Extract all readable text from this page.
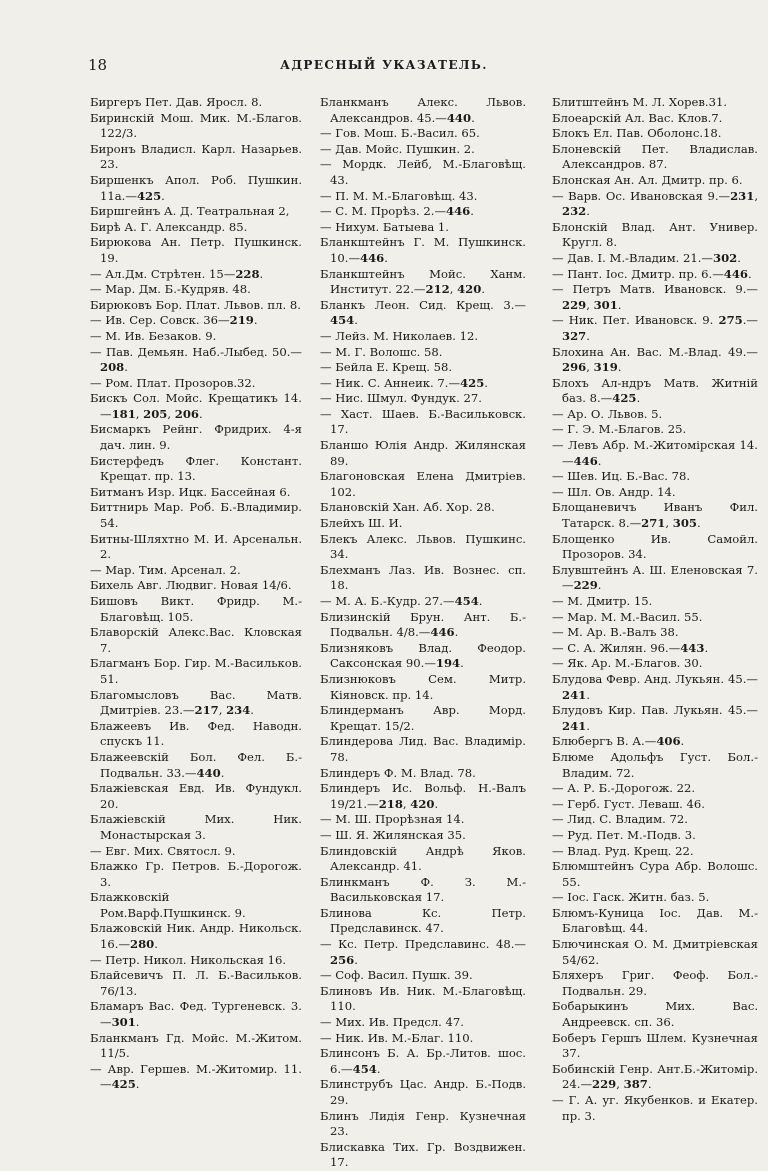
18	АДРЕСНЫЙ УКАЗАТЕЛЬ.

Биргеръ Пет. Дав. Яросл. 8.

Биринскій Мош. Мик. М.-Благов. 122/3.

Биронъ Владисл. Карл. Назарьев. 23.

Биршенкъ Апол. Роб. Пушкин. 11а.—425.

Биршгейнъ А. Д. Театральная 2,

Бирѣ А. Г. Александр. 85.

Бирюкова Ан. Петр. Пушкинск. 19.

— Ал.Дм. Стрѣтен. 15—228.

— Мар. Дм. Б.-Кудряв. 48.

Бирюковъ Бор. Плат. Львов. пл. 8.

— Ив. Сер. Совск. 36—219.

— М. Ив. Безаков. 9.

— Пав. Демьян. Наб.-Лыбед. 50.—208.

— Ром. Плат. Прозоров.32.

Бискъ Сол. Мойс. Крещатикъ 14.—181, 205, 206.

Бисмаркъ Рейнг. Фридрих. 4-я дач. лин. 9.

Бистерфедъ Флег. Констант. Крещат. пр. 13.

Битманъ Изр. Ицк. Бассейная 6.

Биттнирь Мар. Роб. Б.-Владимир. 54.

Битны-Шляхтно М. И. Арсенальн. 2.

— Мар. Тим. Арсенал. 2.

Бихель Авг. Людвиг. Новая 14/6.

Бишовъ Викт. Фридр. М.-Благовѣщ. 105.

Блаворскій Алекс.Вас. Кловская 7.

Благманъ Бор. Гир. М.-Васильков. 51.

Благомысловъ Вас. Матв. Дмитріев. 23.—217, 234.

Блажеевъ Ив. Фед. Наводн. спускъ 11.

Блажеевскій Бол. Фел. Б.-Подвальн. 33.—440.

Блажіевская Евд. Ив. Фундукл. 20.

Блажіевскій Мих. Ник. Монастырская 3.

— Евг. Мих. Святосл. 9.

Блажко Гр. Петров. Б.-Дорогож. 3.

Блажковскій Ром.Варф.Пушкинск. 9.

Блажовскій Ник. Андр. Никольск. 16.—280.

— Петр. Никол. Никольская 16.

Блайсевичъ П. Л. Б.-Васильков. 76/13.

Бламаръ Вас. Фед. Тургеневск. 3.—301.

Бланкманъ Гд. Мойс. М.-Житом. 11/5.

— Авр. Гершев. М.-Житомир. 11.—425.

Бланкманъ Алекс. Львов. Александров. 45.—440.

— Гов. Мош. Б.-Васил. 65.

— Дав. Мойс. Пушкин. 2.

— Мордк. Лейб, М.-Благовѣщ. 43.

— П. М. М.-Благовѣщ. 43.

— С. М. Прорѣз. 2.—446.

— Нихум. Батыева 1.

Бланкштейнъ Г. М. Пушкинск. 10.—446.

Бланкштейнъ Мойс. Ханм. Институт. 22.—212, 420.

Бланкъ Леон. Сид. Крещ. 3.—454.

— Лейз. М. Николаев. 12.

— М. Г. Волошс. 58.

— Бейла Е. Крещ. 58.

— Ник. С. Аннеик. 7.—425.

— Нис. Шмул. Фундук. 27.

— Хаст. Шаев. Б.-Васильковск. 17.

Бланшо Юлія Андр. Жилянская 89.

Благоновская Елена Дмитріев. 102.

Блановскій Хан. Аб. Хор. 28.

Блейхъ Ш. И.

Блекъ Алекс. Львов. Пушкинс. 34.

Блехманъ Лаз. Ив. Вознес. сп. 18.

— М. А. Б.-Кудр. 27.—454.

Близинскій Брун. Ант. Б.-Подвальн. 4/8.—446.

Близняковъ Влад. Феодор. Саксонская 90.—194.

Близнюковъ Сем. Митр. Кіяновск. пр. 14.

Блиндерманъ Авр. Морд. Крещат. 15/2.

Блиндерова Лид. Вас. Владимір. 78.

Блиндеръ Ф. М. Влад. 78.

Блиндеръ Ис. Вольф. Н.-Валъ 19/21.—218, 420.

— М. Ш. Прорѣзная 14.

— Ш. Я. Жилянская 35.

Блиндовскій Андрѣ Яков. Александр. 41.

Блинкманъ Ф. З. М.-Васильковская 17.

Блинова Кс. Петр. Предславинск. 47.

— Кс. Петр. Предславинс. 48.—256.

— Соф. Васил. Пушк. 39.

Блиновъ Ив. Ник. М.-Благовѣщ. 110.

— Мих. Ив. Предсл. 47.

— Ник. Ив. М.-Благ. 110.

Блинсонъ Б. А. Бр.-Литов. шос. 6.—454.

Блинструбъ Цас. Андр. Б.-Подв. 29.

Блинъ Лидія Генр. Кузнечная 23.

Блискавка Тих. Гр. Воздвижен. 17.

Блитштейнъ М. Л. Хорев.31.

Блоеарскій Ал. Вас. Клов.7.

Блокъ Ел. Пав. Оболонс.18.

Блоневскій Пет. Владислав. Александров. 87.

Блонская Ан. Ал. Дмитр. пр. 6.

— Варв. Ос. Ивановская 9.—231, 232.

Блонскій Влад. Ант. Универ. Кругл. 8.

— Дав. І. М.-Владим. 21.—302.

— Пант. Іос. Дмитр. пр. 6.—446.

— Петръ Матв. Ивановск. 9.—229, 301.

— Ник. Пет. Ивановск. 9. 275.—327.

Блохина Ан. Вас. М.-Влад. 49.—296, 319.

Блохъ Ал-ндръ Матв. Житній баз. 8.—425.

— Ар. О. Львов. 5.

— Г. Э. М.-Благов. 25.

— Левъ Абр. М.-Житомірская 14.—446.

— Шев. Иц. Б.-Вас. 78.

— Шл. Ов. Андр. 14.

Блощаневичъ Иванъ Фил. Татарск. 8.—271, 305.

Блощенко Ив. Самойл. Прозоров. 34.

Блувштейнъ А. Ш. Еленовская 7.—229.

— М. Дмитр. 15.

— Мар. М. М.-Васил. 55.

— М. Ар. В.-Валъ 38.

— С. А. Жилян. 96.—443.

— Як. Ар. М.-Благов. 30.

Блудова Февр. Анд. Лукьян. 45.—241.

Блудовъ Кир. Пав. Лукьян. 45.—241.

Блюбергъ В. А.—406.

Блюме Адольфъ Густ. Бол.-Владим. 72.

— А. Р. Б.-Дорогож. 22.

— Герб. Густ. Леваш. 46.

— Лид. С. Владим. 72.

— Руд. Пет. М.-Подв. 3.

— Влад. Руд. Крещ. 22.

Блюмштейнъ Сура Абр. Волошс. 55.

— Іос. Гаск. Житн. баз. 5.

Блюмъ-Куница Іос. Дав. М.-Благовѣщ. 44.

Блючинская О. М. Дмитріевская 54/62.

Бляхеръ Григ. Феоф. Бол.-Подвальн. 29.

Бобарыкинъ Мих. Вас. Андреевск. сп. 36.

Боберъ Гершъ Шлем. Кузнечная 37.

Бобинскій Генр. Ант.Б.-Житомір. 24.—229, 387.

— Г. А. уг. Якубенков. и Екатер. пр. 3.
